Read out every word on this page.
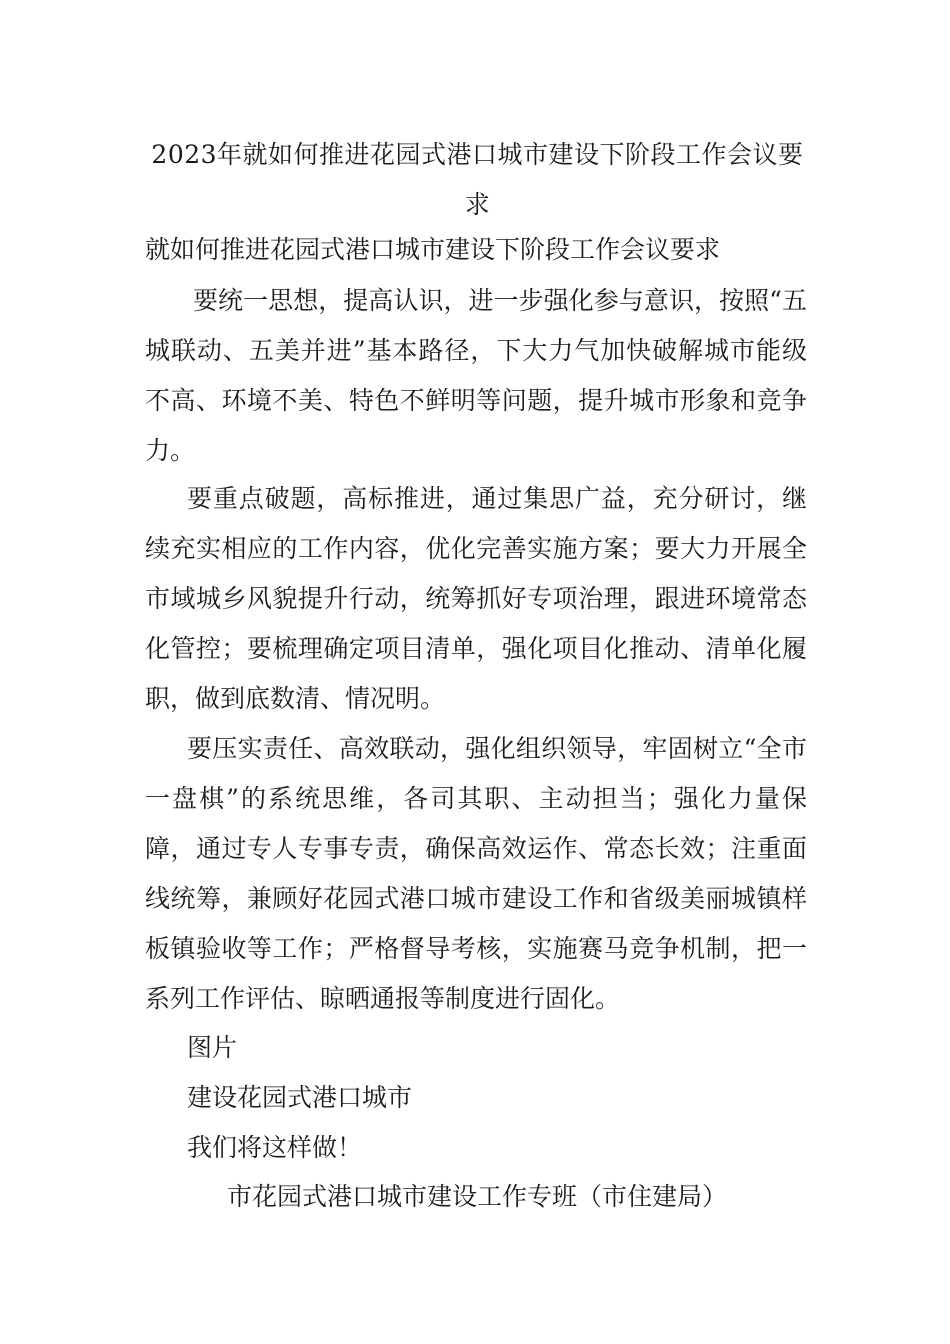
2023年就如何推进花园式港口城市建设下阶段工作会议要求
就如何推进花园式港口城市建设下阶段工作会议要求

要统一思想，提高认识，进一步强化参与意识，按照“五城联动、五美并进”基本路径，下大力气加快破解城市能级不高、环境不美、特色不鲜明等问题，提升城市形象和竞争力。

要重点破题，高标推进，通过集思广益，充分研讨，继续充实相应的工作内容，优化完善实施方案；要大力开展全市域城乡风貌提升行动，统筹抓好专项治理，跟进环境常态化管控；要梳理确定项目清单，强化项目化推动、清单化履职，做到底数清、情况明。

要压实责任、高效联动，强化组织领导，牢固树立“全市一盘棋”的系统思维，各司其职、主动担当；强化力量保障，通过专人专事专责，确保高效运作、常态长效；注重面线统筹，兼顾好花园式港口城市建设工作和省级美丽城镇样板镇验收等工作；严格督导考核，实施赛马竞争机制，把一系列工作评估、晾晒通报等制度进行固化。

图片
建设花园式港口城市
我们将这样做！
市花园式港口城市建设工作专班（市住建局）
